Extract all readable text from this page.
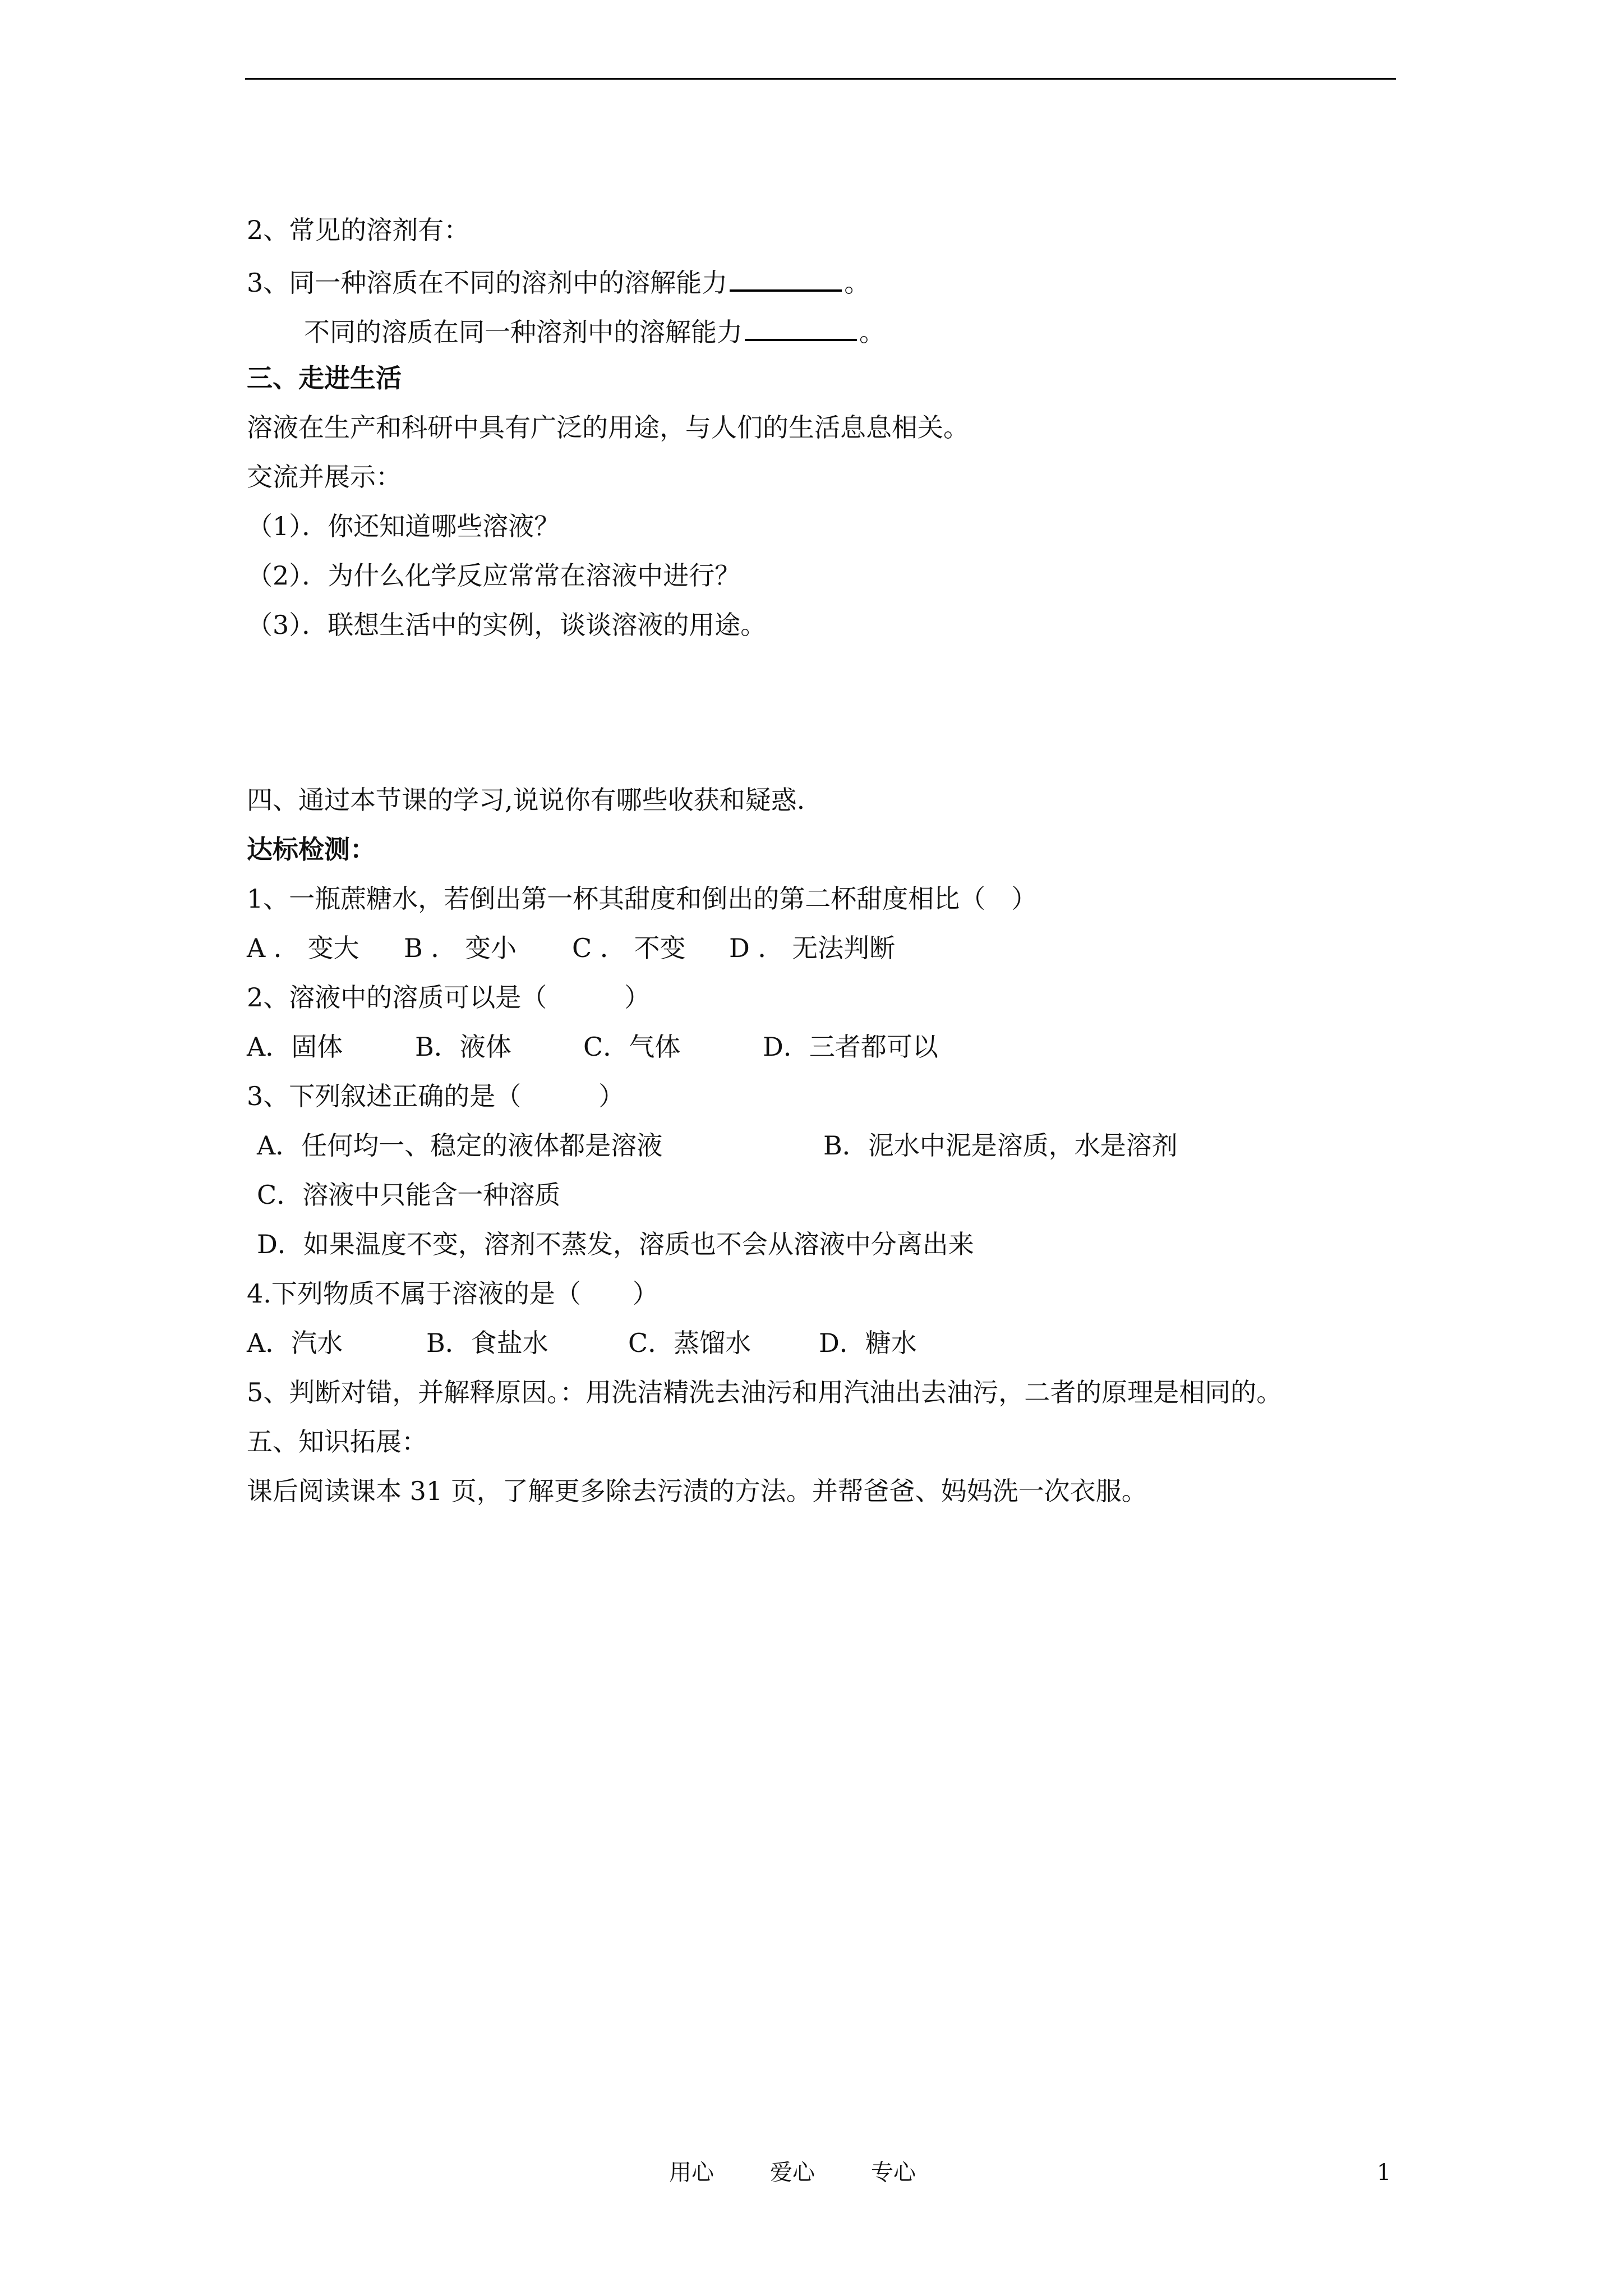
2、常见的溶剂有：
3、同一种溶质在不同的溶剂中的溶解能力	。
不同的溶质在同一种溶剂中的溶解能力	。
三、走进生活
溶液在生产和科研中具有广泛的用途，与人们的生活息息相关。
交流并展示：
（1）．你还知道哪些溶液？
（2）．为什么化学反应常常在溶液中进行？
（3）．联想生活中的实例，谈谈溶液的用途。
四、通过本节课的学习,说说你有哪些收获和疑惑.
达标检测：
1、一瓶蔗糖水，若倒出第一杯其甜度和倒出的第二杯甜度相比（　）
A ． 变大 B ． 变小 C ． 不变 D ． 无法判断
2、溶液中的溶质可以是（　　　）
A．固体	B．液体	C．气体	D．三者都可以
3、下列叙述正确的是（　　　）
A．任何均一、稳定的液体都是溶液	B．泥水中泥是溶质，水是溶剂
C．溶液中只能含一种溶质
D．如果温度不变，溶剂不蒸发，溶质也不会从溶液中分离出来
4.下列物质不属于溶液的是（　　）
A．汽水	B．食盐水	C．蒸馏水	D．糖水
5、判断对错，并解释原因。：用洗洁精洗去油污和用汽油出去油污，二者的原理是相同的。
五、知识拓展：
课后阅读课本 31 页，了解更多除去污渍的方法。并帮爸爸、妈妈洗一次衣服。
用心	爱心	专心	1
